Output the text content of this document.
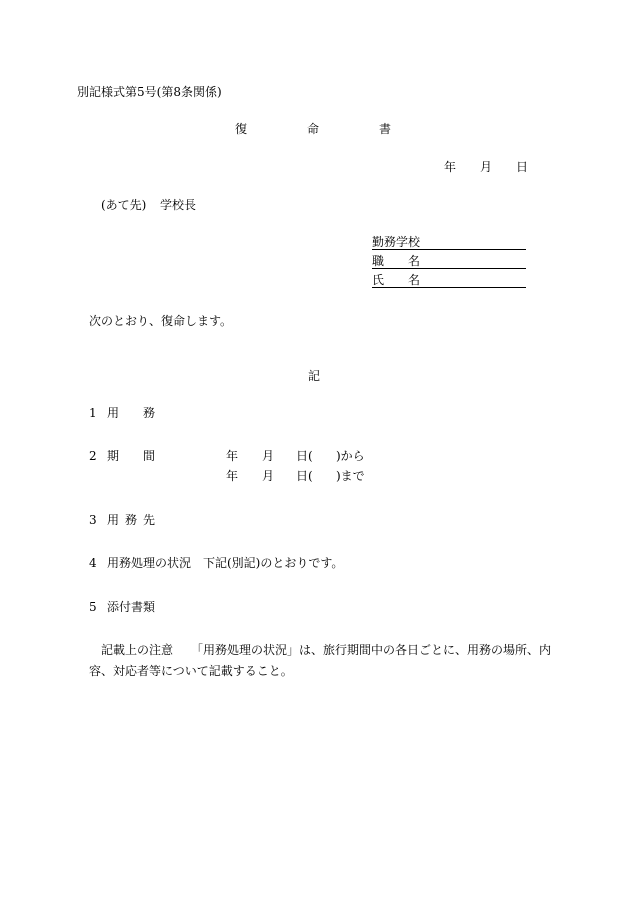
別記様式第5号(第8条関係)
復	命	書
年 月 日
(あて先) 学校長
勤務学校
職 名
氏 名
次のとおり、復命します。
記
1 用 務
2 期 間	年 月 日( )から
年 月 日( )まで
3 用 務 先
4 用務処理の状況 下記(別記)のとおりです。
5 添付書類
記載上の注意 「用務処理の状況」は、旅行期間中の各日ごとに、用務の場所、内
容、対応者等について記載すること。
